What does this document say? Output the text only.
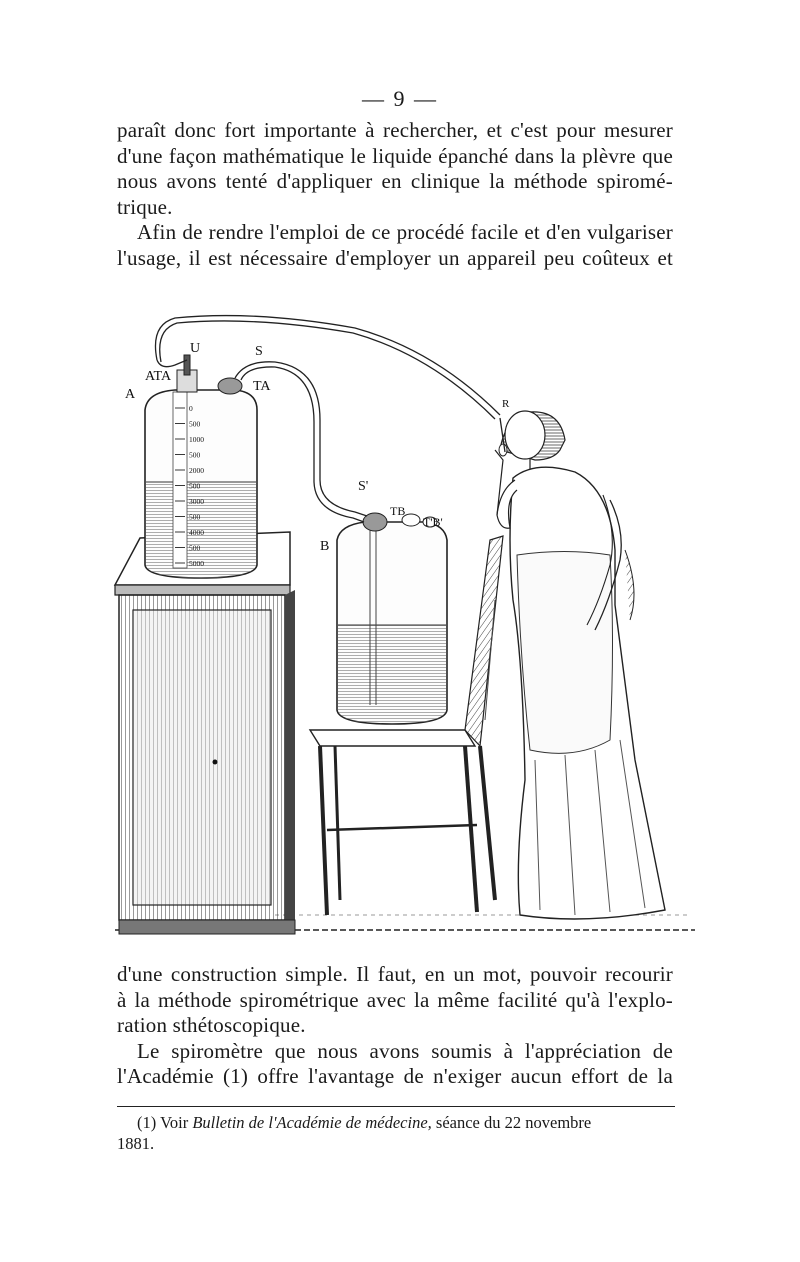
— 9 —

paraît donc fort importante à rechercher, et c'est pour mesurer

d'une façon mathématique le liquide épanché dans la plèvre que

nous avons tenté d'appliquer en clinique la méthode spiromé-

trique.

Afin de rendre l'emploi de ce procédé facile et d'en vulgariser

l'usage, il est nécessaire d'employer un appareil peu coûteux et

0
500
1000
500
2000
500
3000
500
4000
500
5000
U	S
ATA
A
TA
R
S'
TB
T'B'
B

d'une construction simple. Il faut, en un mot, pouvoir recourir

à la méthode spirométrique avec la même facilité qu'à l'explo-

ration sthétoscopique.

Le spiromètre que nous avons soumis à l'appréciation de

l'Académie (1) offre l'avantage de n'exiger aucun effort de la

(1) Voir Bulletin de l'Académie de médecine, séance du 22 novembre

1881.
